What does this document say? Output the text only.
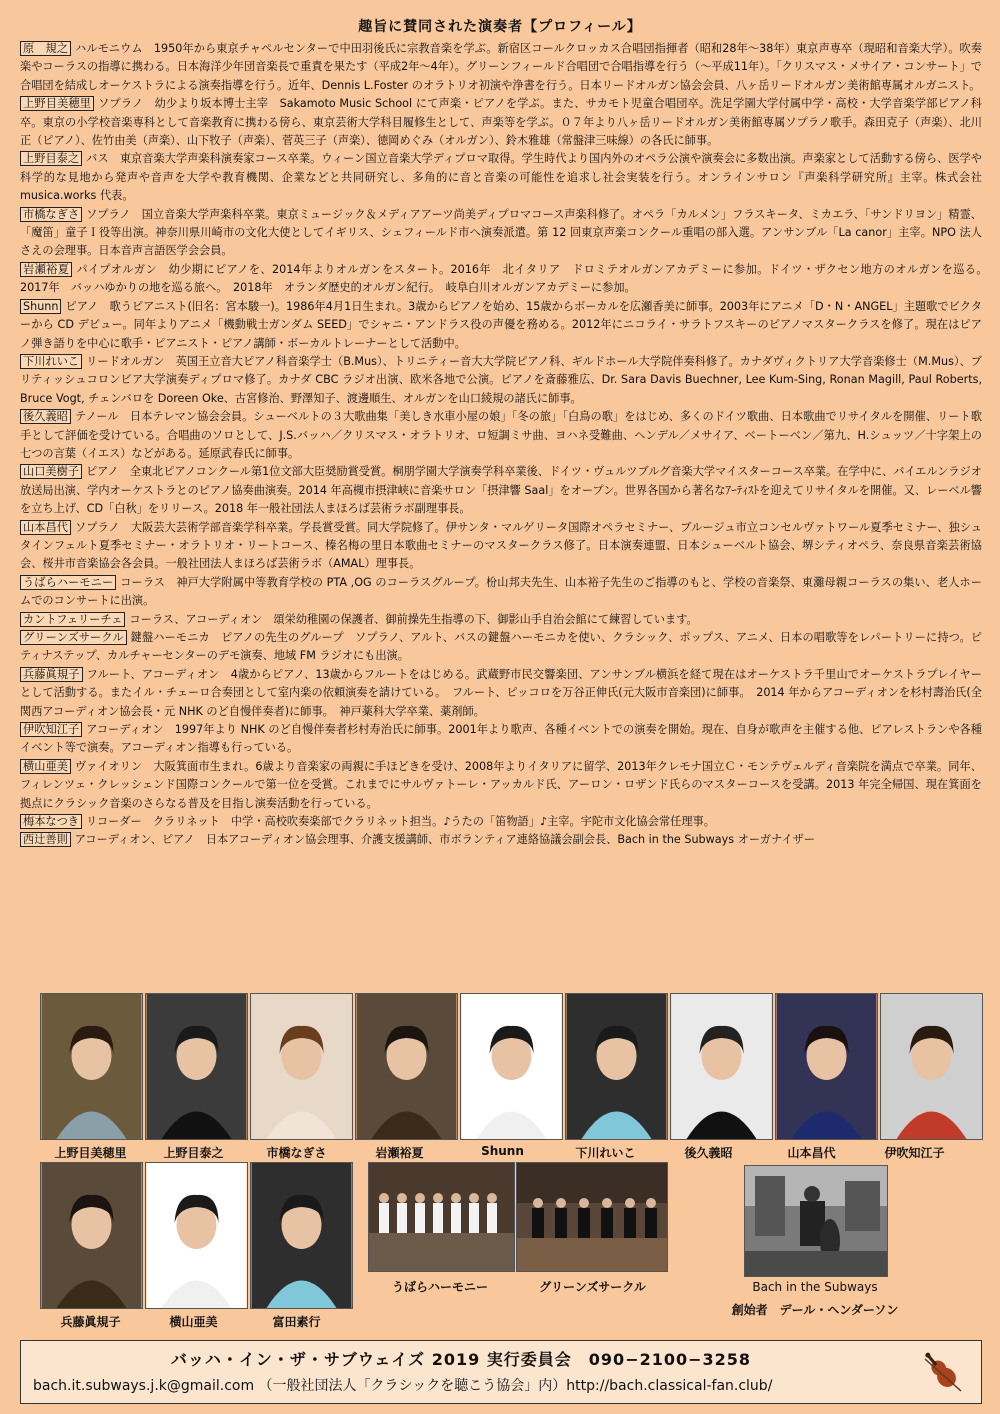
趣旨に賛同された演奏者【プロフィール】
原　規之 ハルモニウム　1950年から東京チャペルセンターで中田羽後氏に宗教音楽を学ぶ。新宿区コールクロッカス合唱団指揮者（昭和28年〜38年）東京声専卒（現昭和音楽大学）。吹奏楽やコーラスの指導に携わる。日本海洋少年団音楽長で重責を果たす（平成2年〜4年）。グリーンフィールド合唱団で合唱指導を行う（〜平成11年）。「クリスマス・メサイア・コンサート」で合唱団を結成しオーケストラによる演奏指導を行う。近年、Dennis L.Foster のオラトリオ初演や浄書を行う。日本リードオルガン協会会員、八ヶ岳リードオルガン美術館専属オルガニスト。
上野目美穂里 ソプラノ　幼少より坂本博士主宰　Sakamoto Music School にて声楽・ピアノを学ぶ。また、サカモト児童合唱団卒。洗足学園大学付属中学・高校・大学音楽学部ピアノ科卒。東京の小学校音楽専科として音楽教育に携わる傍ら、東京芸術大学科目履修生として、声楽等を学ぶ。０７年より八ヶ岳リードオルガン美術館専属ソプラノ歌手。森田克子（声楽）、北川正（ピアノ）、佐竹由美（声楽）、山下牧子（声楽）、菅英三子（声楽）、徳岡めぐみ（オルガン）、鈴木雅雄（常盤津三味線）の各氏に師事。
上野目泰之 バス　東京音楽大学声楽科演奏家コース卒業。ウィーン国立音楽大学ディプロマ取得。学生時代より国内外のオペラ公演や演奏会に多数出演。声楽家として活動する傍ら、医学や科学的な見地から発声や音声を大学や教育機関、企業などと共同研究し、多角的に音と音楽の可能性を追求し社会実装を行う。オンラインサロン『声楽科学研究所』主宰。株式会社 musica.works 代表。
市橋なぎさ ソプラノ　国立音楽大学声楽科卒業。東京ミュージック＆メディアアーツ尚美ディプロマコース声楽科修了。オペラ「カルメン」フラスキータ、ミカエラ、「サンドリヨン」精霊、「魔笛」童子Ｉ役等出演。神奈川県川崎市の文化大使としてイギリス、シェフィールド市へ演奏派遣。第 12 回東京声楽コンクール重唱の部入選。アンサンブル「La canor」主宰。NPO 法人さえの会理事。日本音声言語医学会会員。
岩瀬裕夏 パイプオルガン　幼少期にピアノを、2014年よりオルガンをスタート。2016年　北イタリア　ドロミテオルガンアカデミーに参加。ドイツ・ザクセン地方のオルガンを巡る。　2017年　バッハゆかりの地を巡る旅へ。　2018年　オランダ歴史的オルガン紀行。　岐阜白川オルガンアカデミーに参加。
Shunn ピアノ　歌うピアニスト(旧名：宮本駿一)。1986年4月1日生まれ。3歳からピアノを始め、15歳からボーカルを広瀬香美に師事。2003年にアニメ「D・N・ANGEL」主題歌でビクターから CD デビュー。同年よりアニメ「機動戦士ガンダム SEED」でシャニ・アンドラス役の声優を務める。2012年にニコライ・サラトフスキーのピアノマスタークラスを修了。現在はピアノ弾き語りを中心に歌手・ピアニスト・ピアノ講師・ボーカルトレーナーとして活動中。
下川れいこ リードオルガン　英国王立音大ピアノ科音楽学士（B.Mus）、トリニティー音大大学院ピアノ科、ギルドホール大学院伴奏科修了。カナダヴィクトリア大学音楽修士（M.Mus）、ブリティッシュコロンビア大学演奏ディプロマ修了。カナダ CBC ラジオ出演、欧米各地で公演。ピアノを斎藤雅広、Dr. Sara Davis Buechner, Lee Kum-Sing, Ronan Magill, Paul Roberts, Bruce Vogt, チェンバロを Doreen Oke、古宮修治、野澤知子、渡邊順生、オルガンを山口綾規の諸氏に師事。
後久義昭 テノール　日本テレマン協会会員。シューベルトの３大歌曲集「美しき水車小屋の娘」「冬の旅」「白鳥の歌」をはじめ、多くのドイツ歌曲、日本歌曲でリサイタルを開催、リート歌手として評価を受けている。合唱曲のソロとして、J.S.バッハ／クリスマス・オラトリオ、ロ短調ミサ曲、ヨハネ受難曲、ヘンデル／メサイア、ベートーベン／第九、H.シュッツ／十字架上の七つの言葉（イエス）などがある。延原武春氏に師事。
山口美樹子 ピアノ　全東北ピアノコンクール第1位文部大臣奨励賞受賞。桐朋学園大学演奏学科卒業後、ドイツ・ヴュルツブルグ音楽大学マイスターコース卒業。在学中に、バイエルンラジオ放送局出演、学内オーケストラとのピアノ協奏曲演奏。2014 年高槻市摂津峡に音楽サロン「摂津響 Saal」をオープン。世界各国から著名なｱｰﾃｨｽﾄを迎えてリサイタルを開催。又、レーベル響を立ち上げ、CD「白秋」をリリース。2018 年一般社団法人まほろば芸術ラボ副理事長。
山本昌代 ソプラノ　大阪芸大芸術学部音楽学科卒業。学長賞受賞。同大学院修了。伊サンタ・マルゲリータ国際オペラセミナー、ブルージュ市立コンセルヴァトワール夏季セミナー、独シュタインフェルト夏季セミナー・オラトリオ・リートコース、榛名梅の里日本歌曲セミナーのマスタークラス修了。日本演奏連盟、日本シューベルト協会、堺シティオペラ、奈良県音楽芸術協会、桜井市音楽協会各会員。一般社団法人まほろば芸術ラボ（AMAL）理事長。
うばらハーモニー コーラス　神戸大学附属中等教育学校の PTA ,OG のコーラスグループ。枌山邦夫先生、山本裕子先生のご指導のもと、学校の音楽祭、東灘母親コーラスの集い、老人ホームでのコンサートに出演。
カントフェリーチェ コーラス、アコーディオン　頌栄幼稚園の保護者、御前操先生指導の下、御影山手自治会館にて練習しています。
グリーンズサークル 鍵盤ハーモニカ　ピアノの先生のグループ　ソプラノ、アルト、バスの鍵盤ハーモニカを使い、クラシック、ポップス、アニメ、日本の唱歌等をレパートリーに持つ。ピティナステップ、カルチャーセンターのデモ演奏、地域 FM ラジオにも出演。
兵藤眞規子 フルート、アコーディオン　4歳からピアノ、13歳からフルートをはじめる。武蔵野市民交響楽団、アンサンブル横浜を経て現在はオーケストラ千里山でオーケストラプレイヤーとして活動する。またイル・チェーロ合奏団として室内楽の依頼演奏を請けている。　フルート、ピッコロを万谷正伸氏(元大阪市音楽団)に師事。　2014 年からアコーディオンを杉村壽治氏(全関西アコーディオン協会長・元 NHK のど自慢伴奏者)に師事。　神戸薬科大学卒業、薬剤師。
伊吹知江子 アコーディオン　1997年より NHK のど自慢伴奏者杉村寿治氏に師事。2001年より歌声、各種イベントでの演奏を開始。現在、自身が歌声を主催する他、ピアレストランや各種イベント等で演奏。アコーディオン指導も行っている。
横山亜美 ヴァイオリン　大阪箕面市生まれ。6歳より音楽家の両親に手ほどきを受け、2008年よりイタリアに留学、2013年クレモナ国立Ｃ・モンテヴェルディ音楽院を満点で卒業。同年、フィレンツェ・クレッシェンド国際コンクールで第一位を受賞。これまでにサルヴァトーレ・アッカルド氏、アーロン・ロザンド氏らのマスターコースを受講。2013 年完全帰国、現在箕面を拠点にクラシック音楽のさらなる普及を目指し演奏活動を行っている。
梅本なつき リコーダー　クラリネット　中学・高校吹奏楽部でクラリネット担当。♪うたの「笛物語」♪主宰。宇陀市文化協会常任理事。
西辻善則 アコーディオン、ピアノ　日本アコーディオン協会理事、介護支援講師、市ボランティア連絡協議会副会長、Bach in the Subways オーガナイザー
上野目美穂里	上野目泰之	市橋なぎさ	岩瀬裕夏	Shunn	下川れいこ	後久義昭	山本昌代	伊吹知江子
兵藤眞規子	横山亜美	富田素行
うばらハーモニー	グリーンズサークル	Bach in the Subways
創始者　デール・ヘンダーソン
バッハ・イン・ザ・サブウェイズ 2019 実行委員会　090−2100−3258
bach.it.subways.j.k@gmail.com （一般社団法人「クラシックを聴こう協会」内）http://bach.classical-fan.club/
